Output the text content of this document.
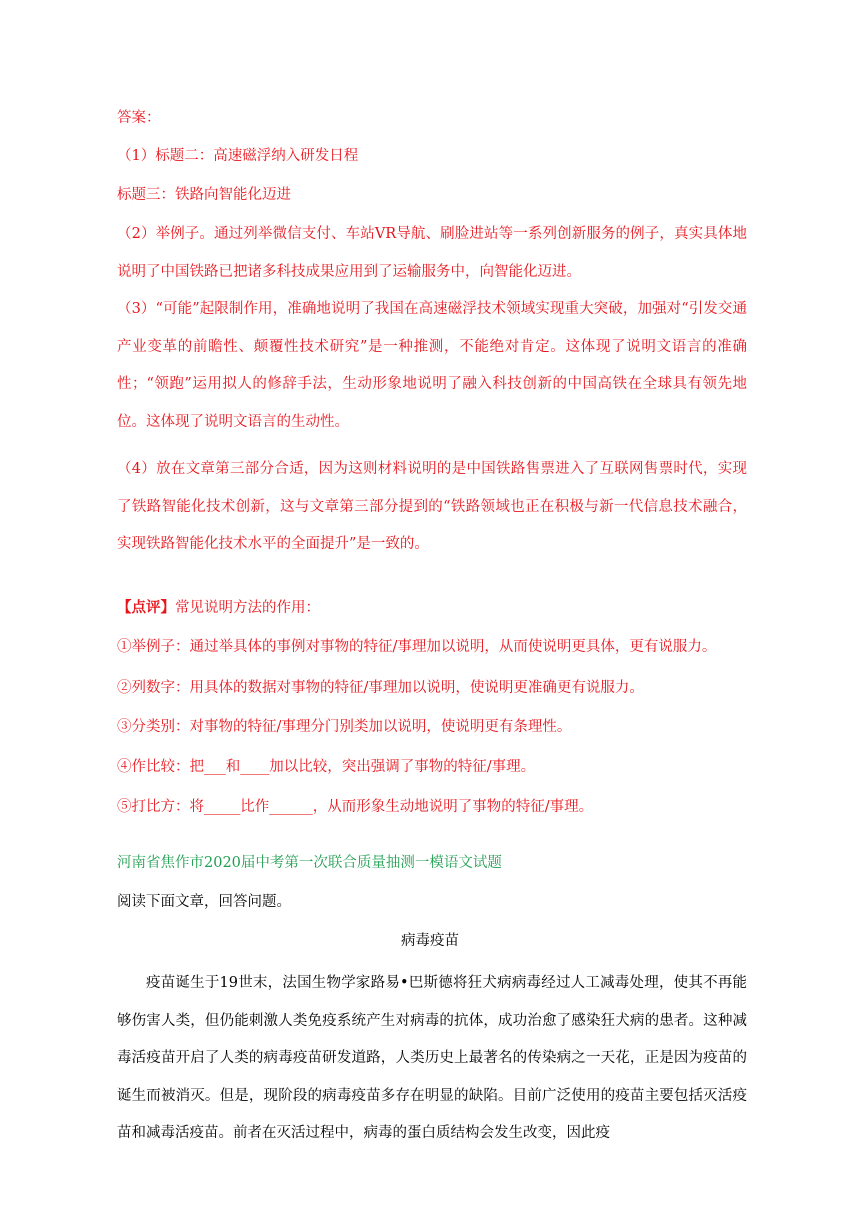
答案：
（1）标题二：高速磁浮纳入研发日程
标题三：铁路向智能化迈进
（2）举例子。通过列举微信支付、车站VR导航、刷脸进站等一系列创新服务的例子，真实具体地说明了中国铁路已把诸多科技成果应用到了运输服务中，向智能化迈进。
（3）“可能”起限制作用，准确地说明了我国在高速磁浮技术领域实现重大突破，加强对“引发交通产业变革的前瞻性、颠覆性技术研究”是一种推测，不能绝对肯定。这体现了说明文语言的准确性；“领跑”运用拟人的修辞手法，生动形象地说明了融入科技创新的中国高铁在全球具有领先地位。这体现了说明文语言的生动性。
（4）放在文章第三部分合适，因为这则材料说明的是中国铁路售票进入了互联网售票时代，实现了铁路智能化技术创新，这与文章第三部分提到的“铁路领域也正在积极与新一代信息技术融合，实现铁路智能化技术水平的全面提升”是一致的。
【点评】常见说明方法的作用：
①举例子：通过举具体的事例对事物的特征/事理加以说明，从而使说明更具体，更有说服力。
②列数字：用具体的数据对事物的特征/事理加以说明，使说明更准确更有说服力。
③分类别：对事物的特征/事理分门别类加以说明，使说明更有条理性。
④作比较：把___和____加以比较，突出强调了事物的特征/事理。
⑤打比方：将_____比作______，从而形象生动地说明了事物的特征/事理。
河南省焦作市2020届中考第一次联合质量抽测一模语文试题
阅读下面文章，回答问题。
病毒疫苗
疫苗诞生于19世末，法国生物学家路易•巴斯德将狂犬病病毒经过人工减毒处理，使其不再能够伤害人类，但仍能刺激人类免疫系统产生对病毒的抗体，成功治愈了感染狂犬病的患者。这种减毒活疫苗开启了人类的病毒疫苗研发道路，人类历史上最著名的传染病之一天花，正是因为疫苗的诞生而被消灭。但是，现阶段的病毒疫苗多存在明显的缺陷。目前广泛使用的疫苗主要包括灭活疫苗和减毒活疫苗。前者在灭活过程中，病毒的蛋白质结构会发生改变，因此疫
